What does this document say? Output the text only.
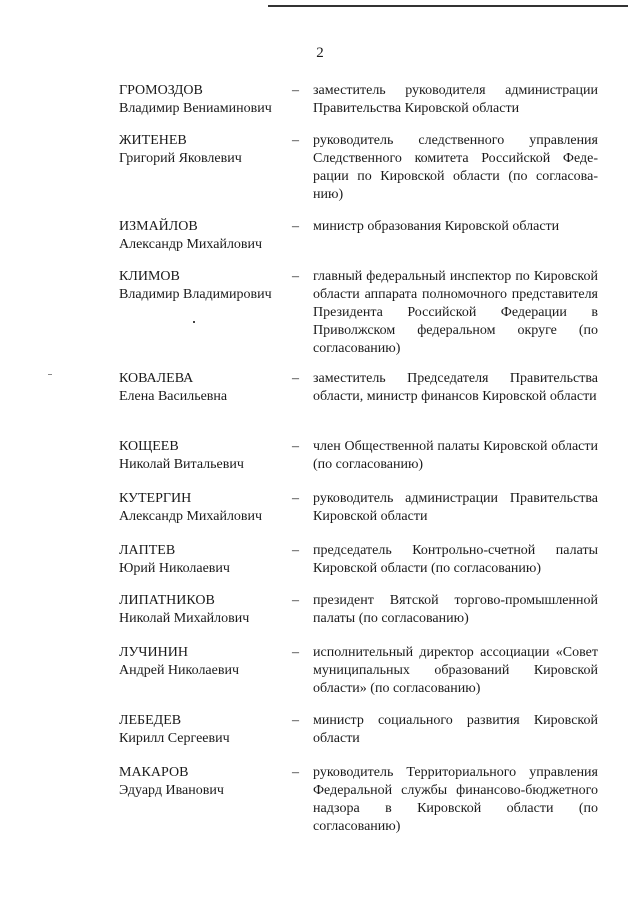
2
ГРОМОЗДОВ
Владимир Вениаминович
– заместитель руководителя администрации Правительства Кировской области
ЖИТЕНЕВ
Григорий Яковлевич
– руководитель следственного управления Следственного комитета Российской Федерации по Кировской области (по согласованию)
ИЗМАЙЛОВ
Александр Михайлович
– министр образования Кировской области
КЛИМОВ
Владимир Владимирович
– главный федеральный инспектор по Кировской области аппарата полномочного представителя Президента Российской Федерации в Приволжском федеральном округе (по согласованию)
КОВАЛЕВА
Елена Васильевна
– заместитель Председателя Правительства области, министр финансов Кировской области
КОЩЕЕВ
Николай Витальевич
– член Общественной палаты Кировской области (по согласованию)
КУТЕРГИН
Александр Михайлович
– руководитель администрации Правительства Кировской области
ЛАПТЕВ
Юрий Николаевич
– председатель Контрольно-счетной палаты Кировской области (по согласованию)
ЛИПАТНИКОВ
Николай Михайлович
– президент Вятской торгово-промышленной палаты (по согласованию)
ЛУЧИНИН
Андрей Николаевич
– исполнительный директор ассоциации «Совет муниципальных образований Кировской области» (по согласованию)
ЛЕБЕДЕВ
Кирилл Сергеевич
– министр социального развития Кировской области
МАКАРОВ
Эдуард Иванович
– руководитель Территориального управления Федеральной службы финансово-бюджетного надзора в Кировской области (по согласованию)
